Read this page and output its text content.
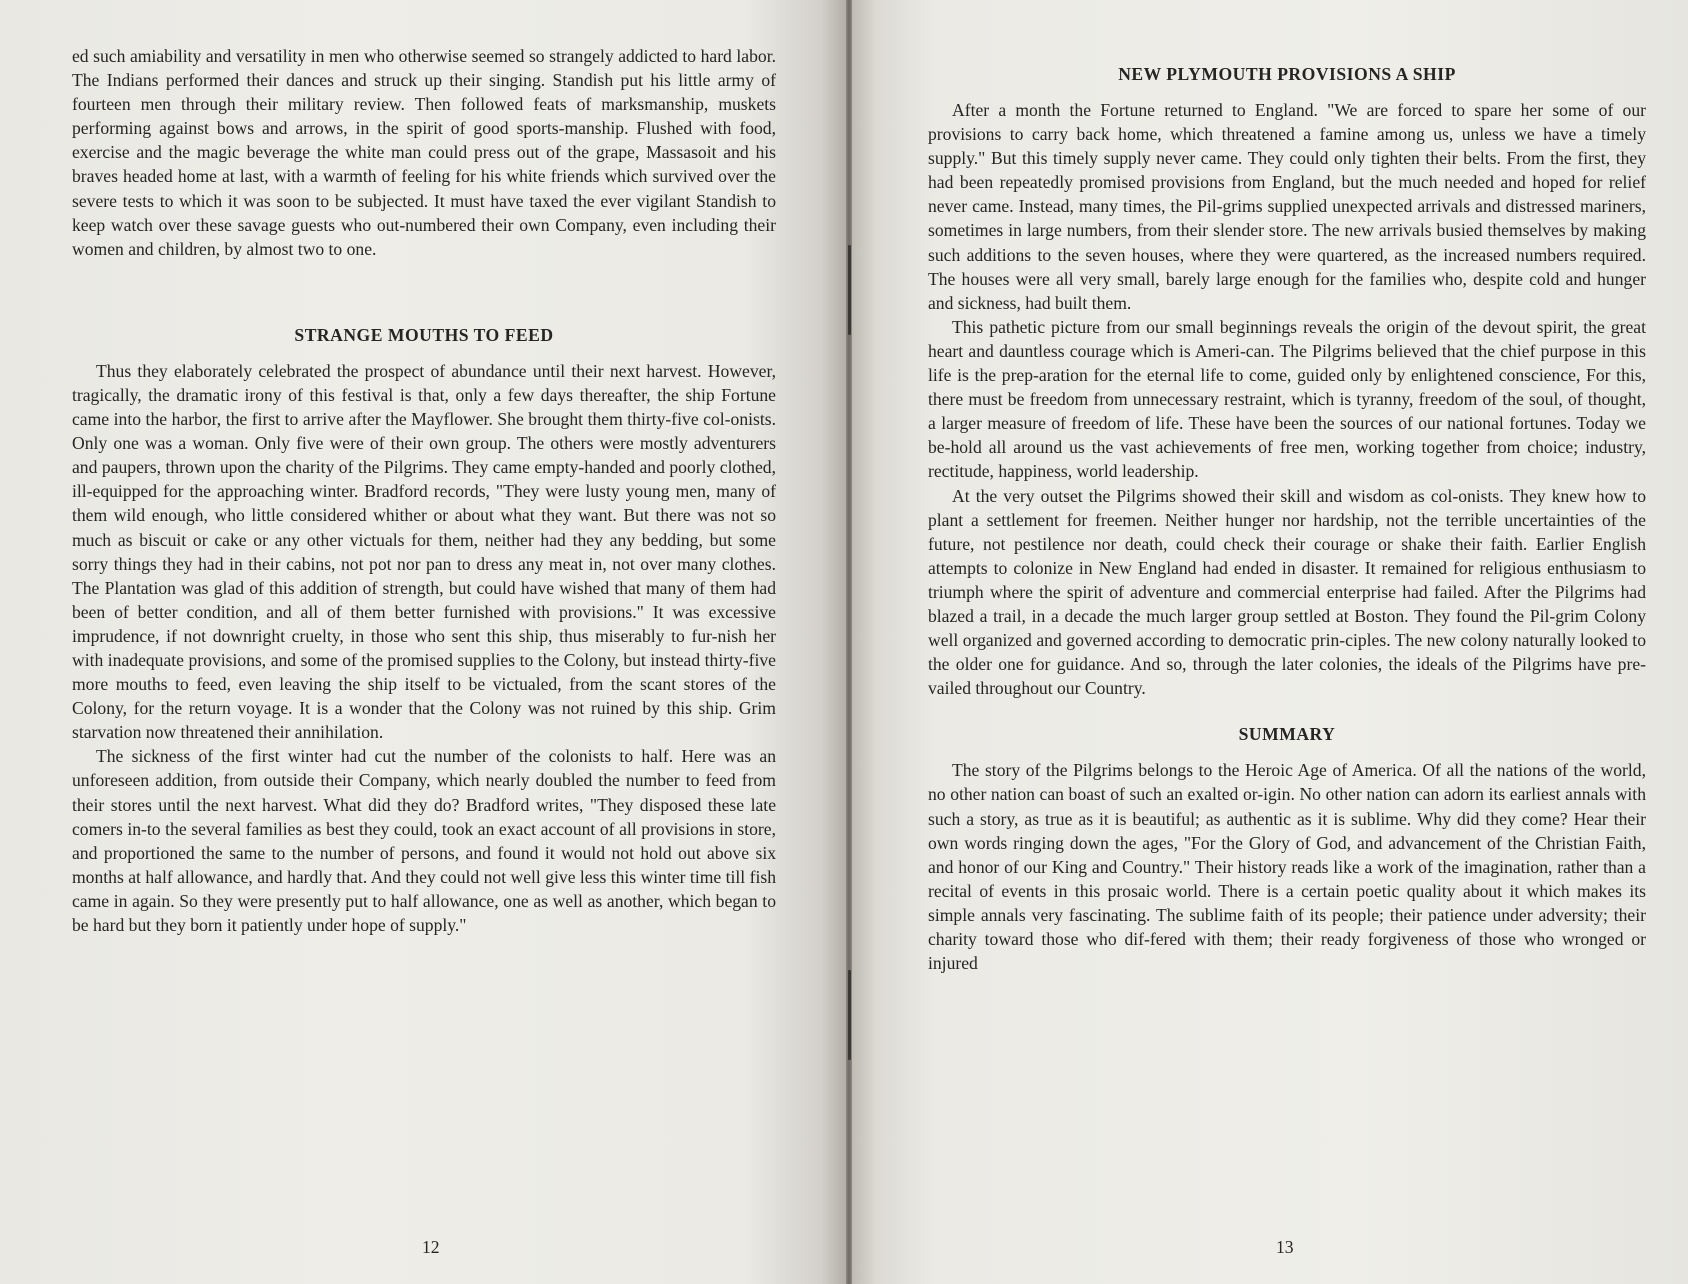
ed such amiability and versatility in men who otherwise seemed so strangely addicted to hard labor. The Indians performed their dances and struck up their singing. Standish put his little army of fourteen men through their military review. Then followed feats of marksmanship, muskets performing against bows and arrows, in the spirit of good sports-manship. Flushed with food, exercise and the magic beverage the white man could press out of the grape, Massasoit and his braves headed home at last, with a warmth of feeling for his white friends which survived over the severe tests to which it was soon to be subjected. It must have taxed the ever vigilant Standish to keep watch over these savage guests who out-numbered their own Company, even including their women and children, by almost two to one.

STRANGE MOUTHS TO FEED

Thus they elaborately celebrated the prospect of abundance until their next harvest. However, tragically, the dramatic irony of this festival is that, only a few days thereafter, the ship Fortune came into the harbor, the first to arrive after the Mayflower. She brought them thirty-five col-onists. Only one was a woman. Only five were of their own group. The others were mostly adventurers and paupers, thrown upon the charity of the Pilgrims. They came empty-handed and poorly clothed, ill-equipped for the approaching winter. Bradford records, "They were lusty young men, many of them wild enough, who little considered whither or about what they want. But there was not so much as biscuit or cake or any other victuals for them, neither had they any bedding, but some sorry things they had in their cabins, not pot nor pan to dress any meat in, not over many clothes. The Plantation was glad of this addition of strength, but could have wished that many of them had been of better condition, and all of them better furnished with provisions." It was excessive imprudence, if not downright cruelty, in those who sent this ship, thus miserably to fur-nish her with inadequate provisions, and some of the promised supplies to the Colony, but instead thirty-five more mouths to feed, even leaving the ship itself to be victualed, from the scant stores of the Colony, for the return voyage. It is a wonder that the Colony was not ruined by this ship. Grim starvation now threatened their annihilation.

The sickness of the first winter had cut the number of the colonists to half. Here was an unforeseen addition, from outside their Company, which nearly doubled the number to feed from their stores until the next harvest. What did they do? Bradford writes, "They disposed these late comers in-to the several families as best they could, took an exact account of all provisions in store, and proportioned the same to the number of persons, and found it would not hold out above six months at half allowance, and hardly that. And they could not well give less this winter time till fish came in again. So they were presently put to half allowance, one as well as another, which began to be hard but they born it patiently under hope of supply."

12
NEW PLYMOUTH PROVISIONS A SHIP

After a month the Fortune returned to England. "We are forced to spare her some of our provisions to carry back home, which threatened a famine among us, unless we have a timely supply." But this timely supply never came. They could only tighten their belts. From the first, they had been repeatedly promised provisions from England, but the much needed and hoped for relief never came. Instead, many times, the Pil-grims supplied unexpected arrivals and distressed mariners, sometimes in large numbers, from their slender store. The new arrivals busied themselves by making such additions to the seven houses, where they were quartered, as the increased numbers required. The houses were all very small, barely large enough for the families who, despite cold and hunger and sickness, had built them.

This pathetic picture from our small beginnings reveals the origin of the devout spirit, the great heart and dauntless courage which is Ameri-can. The Pilgrims believed that the chief purpose in this life is the prep-aration for the eternal life to come, guided only by enlightened conscience, For this, there must be freedom from unnecessary restraint, which is tyranny, freedom of the soul, of thought, a larger measure of freedom of life. These have been the sources of our national fortunes. Today we be-hold all around us the vast achievements of free men, working together from choice; industry, rectitude, happiness, world leadership.

At the very outset the Pilgrims showed their skill and wisdom as col-onists. They knew how to plant a settlement for freemen. Neither hunger nor hardship, not the terrible uncertainties of the future, not pestilence nor death, could check their courage or shake their faith. Earlier English attempts to colonize in New England had ended in disaster. It remained for religious enthusiasm to triumph where the spirit of adventure and commercial enterprise had failed. After the Pilgrims had blazed a trail, in a decade the much larger group settled at Boston. They found the Pil-grim Colony well organized and governed according to democratic prin-ciples. The new colony naturally looked to the older one for guidance. And so, through the later colonies, the ideals of the Pilgrims have pre-vailed throughout our Country.

SUMMARY

The story of the Pilgrims belongs to the Heroic Age of America. Of all the nations of the world, no other nation can boast of such an exalted or-igin. No other nation can adorn its earliest annals with such a story, as true as it is beautiful; as authentic as it is sublime. Why did they come? Hear their own words ringing down the ages, "For the Glory of God, and advancement of the Christian Faith, and honor of our King and Country." Their history reads like a work of the imagination, rather than a recital of events in this prosaic world. There is a certain poetic quality about it which makes its simple annals very fascinating. The sublime faith of its people; their patience under adversity; their charity toward those who dif-fered with them; their ready forgiveness of those who wronged or injured

13
